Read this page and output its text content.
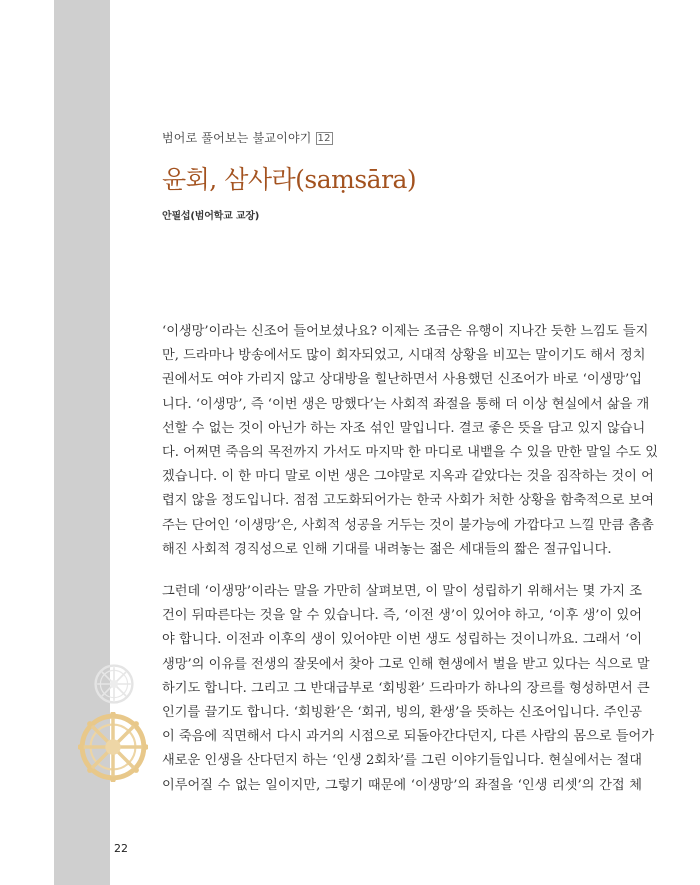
범어로 풀어보는 불교이야기 12
윤회, 삼사라(saṃsāra)
안필섭(범어학교 교장)
‘이생망’이라는 신조어 들어보셨나요? 이제는 조금은 유행이 지나간 듯한 느낌도 들지
만, 드라마나 방송에서도 많이 회자되었고, 시대적 상황을 비꼬는 말이기도 해서 정치
권에서도 여야 가리지 않고 상대방을 힐난하면서 사용했던 신조어가 바로 ‘이생망’입
니다. ‘이생망’, 즉 ‘이번 생은 망했다’는 사회적 좌절을 통해 더 이상 현실에서 삶을 개
선할 수 없는 것이 아닌가 하는 자조 섞인 말입니다. 결코 좋은 뜻을 담고 있지 않습니
다. 어쩌면 죽음의 목전까지 가서도 마지막 한 마디로 내뱉을 수 있을 만한 말일 수도 있
겠습니다. 이 한 마디 말로 이번 생은 그야말로 지옥과 같았다는 것을 짐작하는 것이 어
렵지 않을 정도입니다. 점점 고도화되어가는 한국 사회가 처한 상황을 함축적으로 보여
주는 단어인 ‘이생망’은, 사회적 성공을 거두는 것이 불가능에 가깝다고 느낄 만큼 촘촘
해진 사회적 경직성으로 인해 기대를 내려놓는 젊은 세대들의 짧은 절규입니다.
그런데 ‘이생망’이라는 말을 가만히 살펴보면, 이 말이 성립하기 위해서는 몇 가지 조
건이 뒤따른다는 것을 알 수 있습니다. 즉, ‘이전 생’이 있어야 하고, ‘이후 생’이 있어
야 합니다. 이전과 이후의 생이 있어야만 이번 생도 성립하는 것이니까요. 그래서 ‘이
생망’의 이유를 전생의 잘못에서 찾아 그로 인해 현생에서 벌을 받고 있다는 식으로 말
하기도 합니다. 그리고 그 반대급부로 ‘회빙환’ 드라마가 하나의 장르를 형성하면서 큰
인기를 끌기도 합니다. ‘회빙환’은 ‘회귀, 빙의, 환생’을 뜻하는 신조어입니다. 주인공
이 죽음에 직면해서 다시 과거의 시점으로 되돌아간다던지, 다른 사람의 몸으로 들어가
새로운 인생을 산다던지 하는 ‘인생 2회차’를 그린 이야기들입니다. 현실에서는 절대
이루어질 수 없는 일이지만, 그렇기 때문에 ‘이생망’의 좌절을 ‘인생 리셋’의 간접 체
22
